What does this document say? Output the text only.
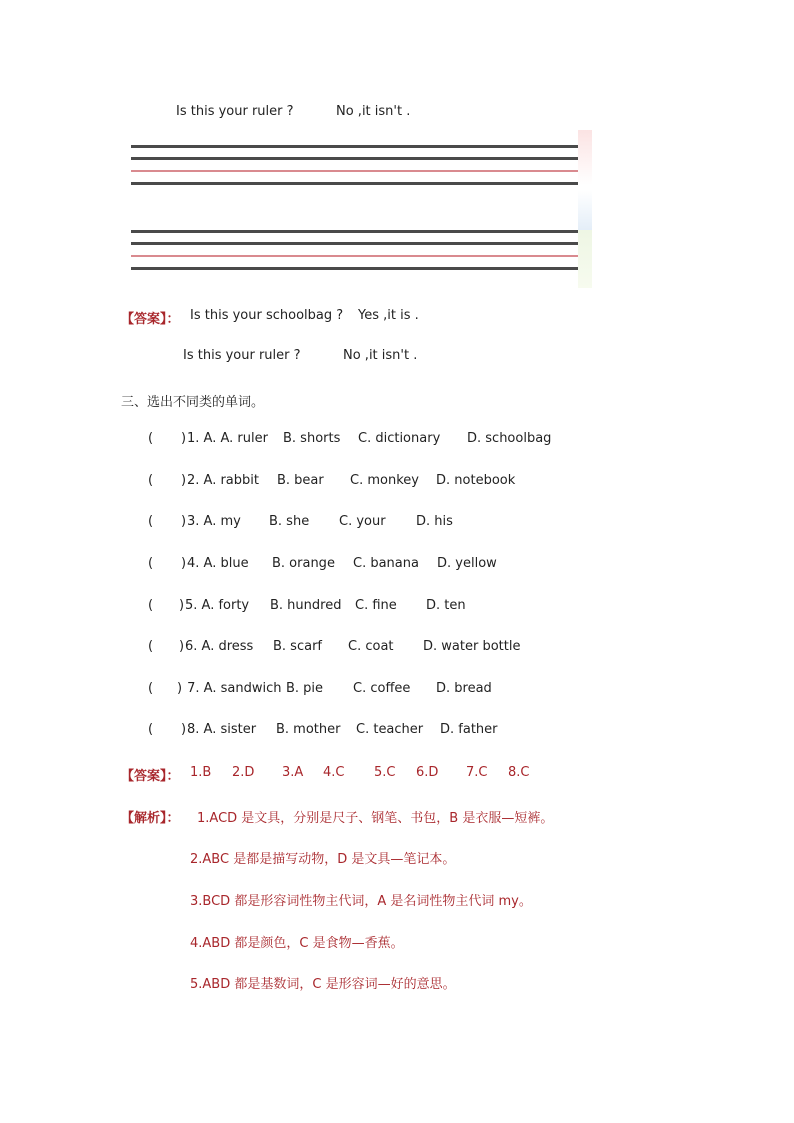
Is this your ruler ?	No ,it isn't .
【答案】： Is this your schoolbag ? Yes ,it is .
Is this your ruler ?	No ,it isn't .
三、选出不同类的单词。
( ) 1. A. A. ruler B. shorts C. dictionary D. schoolbag
( ) 2. A. rabbit B. bear C. monkey D. notebook
( ) 3. A. my B. she C. your D. his
( ) 4. A. blue B. orange C. banana D. yellow
( ) 5. A. forty B. hundred C. fine D. ten
( ) 6. A. dress B. scarf C. coat D. water bottle
( ) 7. A. sandwich B. pie C. coffee D. bread
( ) 8. A. sister B. mother C. teacher D. father
【答案】： 1.B 2.D 3.A 4.C 5.C 6.D 7.C 8.C
【解析】： 1.ACD 是文具，分别是尺子、钢笔、书包，B 是衣服—短裤。
2.ABC 是都是描写动物，D 是文具—笔记本。
3.BCD 都是形容词性物主代词，A 是名词性物主代词 my。
4.ABD 都是颜色，C 是食物—香蕉。
5.ABD 都是基数词，C 是形容词—好的意思。
